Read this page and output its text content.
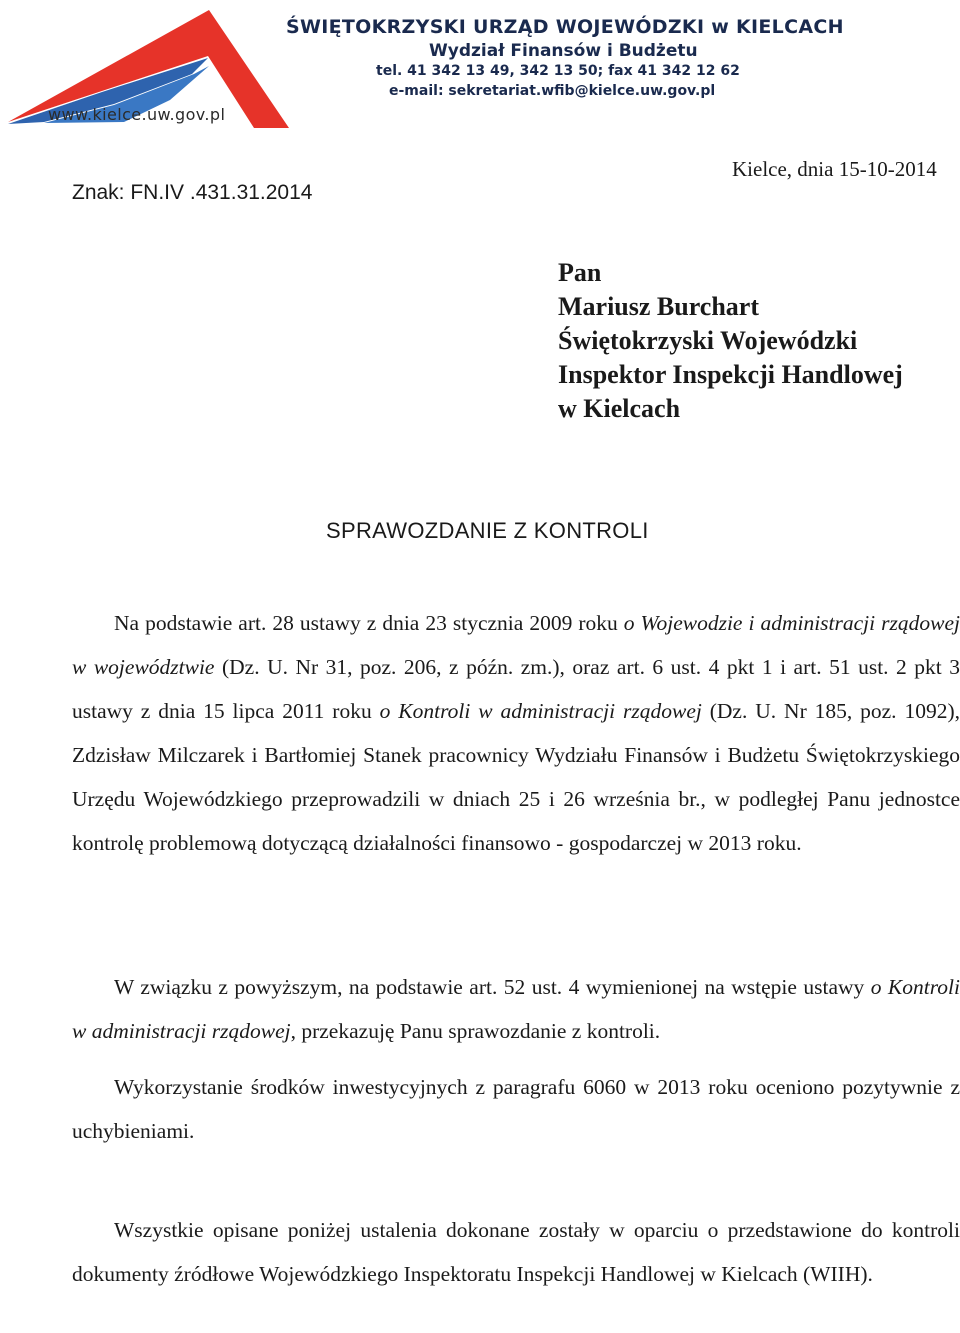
ŚWIĘTOKRZYSKI URZĄD WOJEWÓDZKI w KIELCACH
Wydział Finansów i Budżetu
tel. 41 342 13 49, 342 13 50; fax 41 342 12 62
e-mail: sekretariat.wfib@kielce.uw.gov.pl
www.kielce.uw.gov.pl
Znak: FN.IV .431.31.2014
Kielce, dnia 15-10-2014
Pan
Mariusz Burchart
Świętokrzyski Wojewódzki
Inspektor Inspekcji Handlowej
w Kielcach
SPRAWOZDANIE Z KONTROLI
Na podstawie art. 28 ustawy z dnia 23 stycznia 2009 roku o Wojewodzie i administracji rządowej w województwie (Dz. U. Nr 31, poz. 206, z późn. zm.), oraz art. 6 ust. 4 pkt 1 i art. 51 ust. 2 pkt 3 ustawy z dnia 15 lipca 2011 roku o Kontroli w administracji rządowej (Dz. U. Nr 185, poz. 1092), Zdzisław Milczarek i Bartłomiej Stanek pracownicy Wydziału Finansów i Budżetu Świętokrzyskiego Urzędu Wojewódzkiego przeprowadzili w dniach 25 i 26 września br., w podległej Panu jednostce kontrolę problemową dotyczącą działalności finansowo - gospodarczej w 2013 roku.
W związku z powyższym, na podstawie art. 52 ust. 4 wymienionej na wstępie ustawy o Kontroli w administracji rządowej, przekazuję Panu sprawozdanie z kontroli.
Wykorzystanie środków inwestycyjnych z paragrafu 6060 w 2013 roku oceniono pozytywnie z uchybieniami.
Wszystkie opisane poniżej ustalenia dokonane zostały w oparciu o przedstawione do kontroli dokumenty źródłowe Wojewódzkiego Inspektoratu Inspekcji Handlowej w Kielcach (WIIH).
